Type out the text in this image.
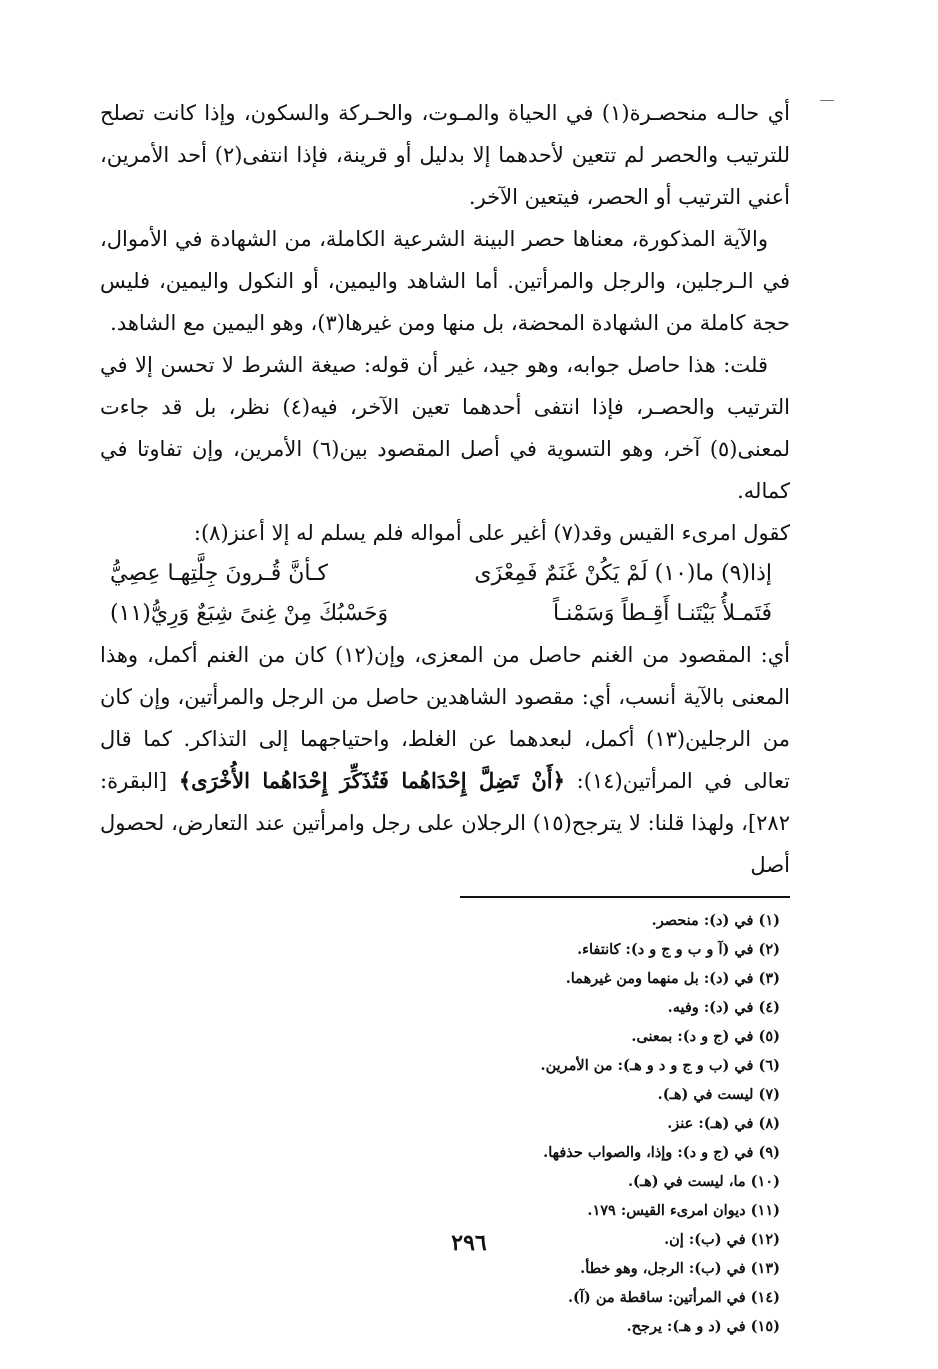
أي حالـه منحصـرة(١) في الحياة والمـوت، والحـركة والسكون، وإذا كانت تصلح للترتيب والحصر لم تتعين لأحدهما إلا بدليل أو قرينة، فإذا انتفى(٢) أحد الأمرين، أعني الترتيب أو الحصر، فيتعين الآخر.

والآية المذكورة، معناها حصر البينة الشرعية الكاملة، من الشهادة في الأموال، في الـرجلين، والرجل والمرأتين. أما الشاهد واليمين، أو النكول واليمين، فليس حجة كاملة من الشهادة المحضة، بل منها ومن غيرها(٣)، وهو اليمين مع الشاهد.

قلت: هذا حاصل جوابه، وهو جيد، غير أن قوله: صيغة الشرط لا تحسن إلا في الترتيب والحصـر، فإذا انتفى أحدهما تعين الآخر، فيه(٤) نظر، بل قد جاءت لمعنى(٥) آخر، وهو التسوية في أصل المقصود بين(٦) الأمرين، وإن تفاوتا في كماله.

كقول امرىء القيس وقد(٧) أغير على أمواله فلم يسلم له إلا أعنز(٨):

إذا(٩) ما(١٠) لَمْ يَكُنْ غَنَمٌ فَمِعْزَى
كـأنَّ قُـرونَ جِلَّتِهـا عِصِيُّ
فَتَمـلأُ بَيْتَنـا أَقِـطاً وَسَمْنـاً
وَحَسْبُكَ مِنْ غِنىً شِبَعٌ وَرِيُّ(١١)

أي: المقصود من الغنم حاصل من المعزى، وإن(١٢) كان من الغنم أكمل، وهذا المعنى بالآية أنسب، أي: مقصود الشاهدين حاصل من الرجل والمرأتين، وإن كان من الرجلين(١٣) أكمل، لبعدهما عن الغلط، واحتياجهما إلى التذاكر. كما قال تعالى في المرأتين(١٤): ﴿أَنْ تَضِلَّ إِحْدَاهُما فَتُذَكِّرَ إِحْدَاهُما الأُخْرَى﴾ [البقرة: ٢٨٢]، ولهذا قلنا: لا يترجح(١٥) الرجلان على رجل وامرأتين عند التعارض، لحصول أصل

(١) في (د): منحصر.
(٢) في (آ و ب و ج و د): كانتفاء.
(٣) في (د): بل منهما ومن غيرهما.
(٤) في (د): وفيه.
(٥) في (ج و د): بمعنى.
(٦) في (ب و ج و د و هـ): من الأمرين.
(٧) ليست في (هـ).
(٨) في (هـ): عنز.
(٩) في (ج و د): وإذا، والصواب حذفها.
(١٠) ما، ليست في (هـ).
(١١) ديوان امرىء القيس: ١٧٩.
(١٢) في (ب): إن.
(١٣) في (ب): الرجل، وهو خطأ.
(١٤) في المرأتين: ساقطة من (آ).
(١٥) في (د و هـ): يرجح.
٢٩٦
